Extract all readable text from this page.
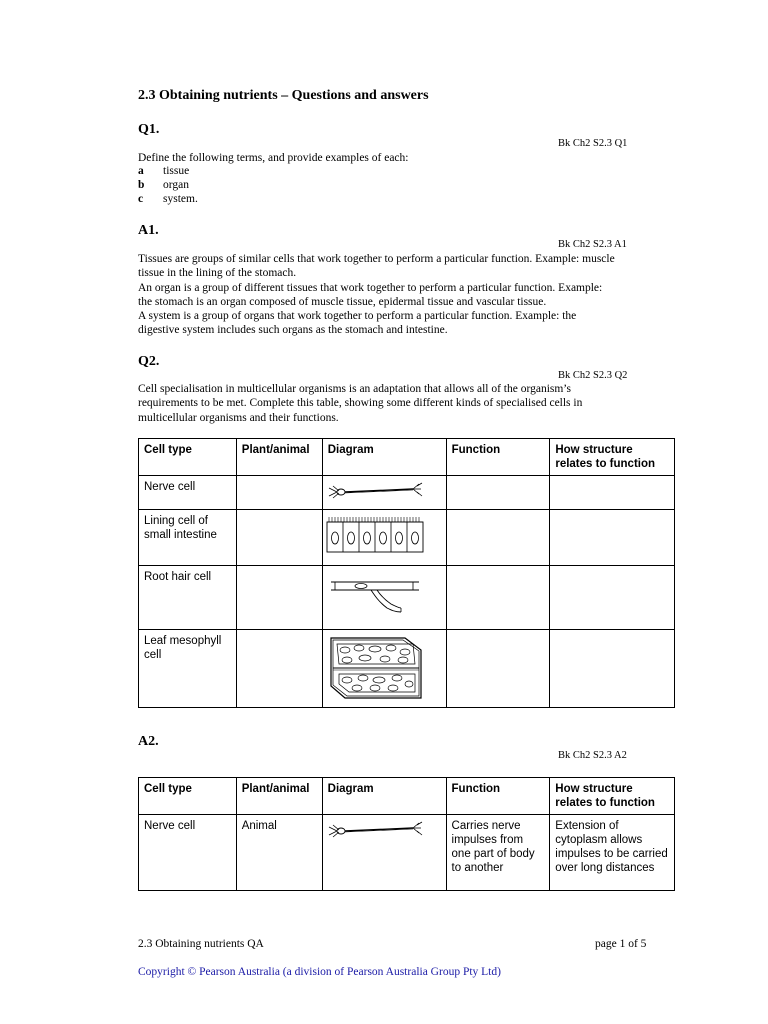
2.3 Obtaining nutrients – Questions and answers
Q1.
Bk Ch2 S2.3 Q1
Define the following terms, and provide examples of each:
a	tissue
b	organ
c	system.
A1.
Bk Ch2 S2.3 A1
Tissues are groups of similar cells that work together to perform a particular function. Example: muscle
tissue in the lining of the stomach.
An organ is a group of different tissues that work together to perform a particular function. Example:
the stomach is an organ composed of muscle tissue, epidermal tissue and vascular tissue.
A system is a group of organs that work together to perform a particular function. Example: the
digestive system includes such organs as the stomach and intestine.
Q2.
Bk Ch2 S2.3 Q2
Cell specialisation in multicellular organisms is an adaptation that allows all of the organism’s
requirements to be met. Complete this table, showing some different kinds of specialised cells in
multicellular organisms and their functions.
Cell type	Plant/animal	Diagram	Function	How structure relates to function
Nerve cell		

Lining cell of small intestine		

Root hair cell		

Leaf mesophyll cell		

A2.
Bk Ch2 S2.3 A2
Cell type	Plant/animal	Diagram	Function	How structure relates to function
Nerve cell	Animal		Carries nerve impulses from one part of body to another	Extension of cytoplasm allows impulses to be carried over long distances
2.3 Obtaining nutrients QA	page 1 of 5
Copyright © Pearson Australia (a division of Pearson Australia Group Pty Ltd)
